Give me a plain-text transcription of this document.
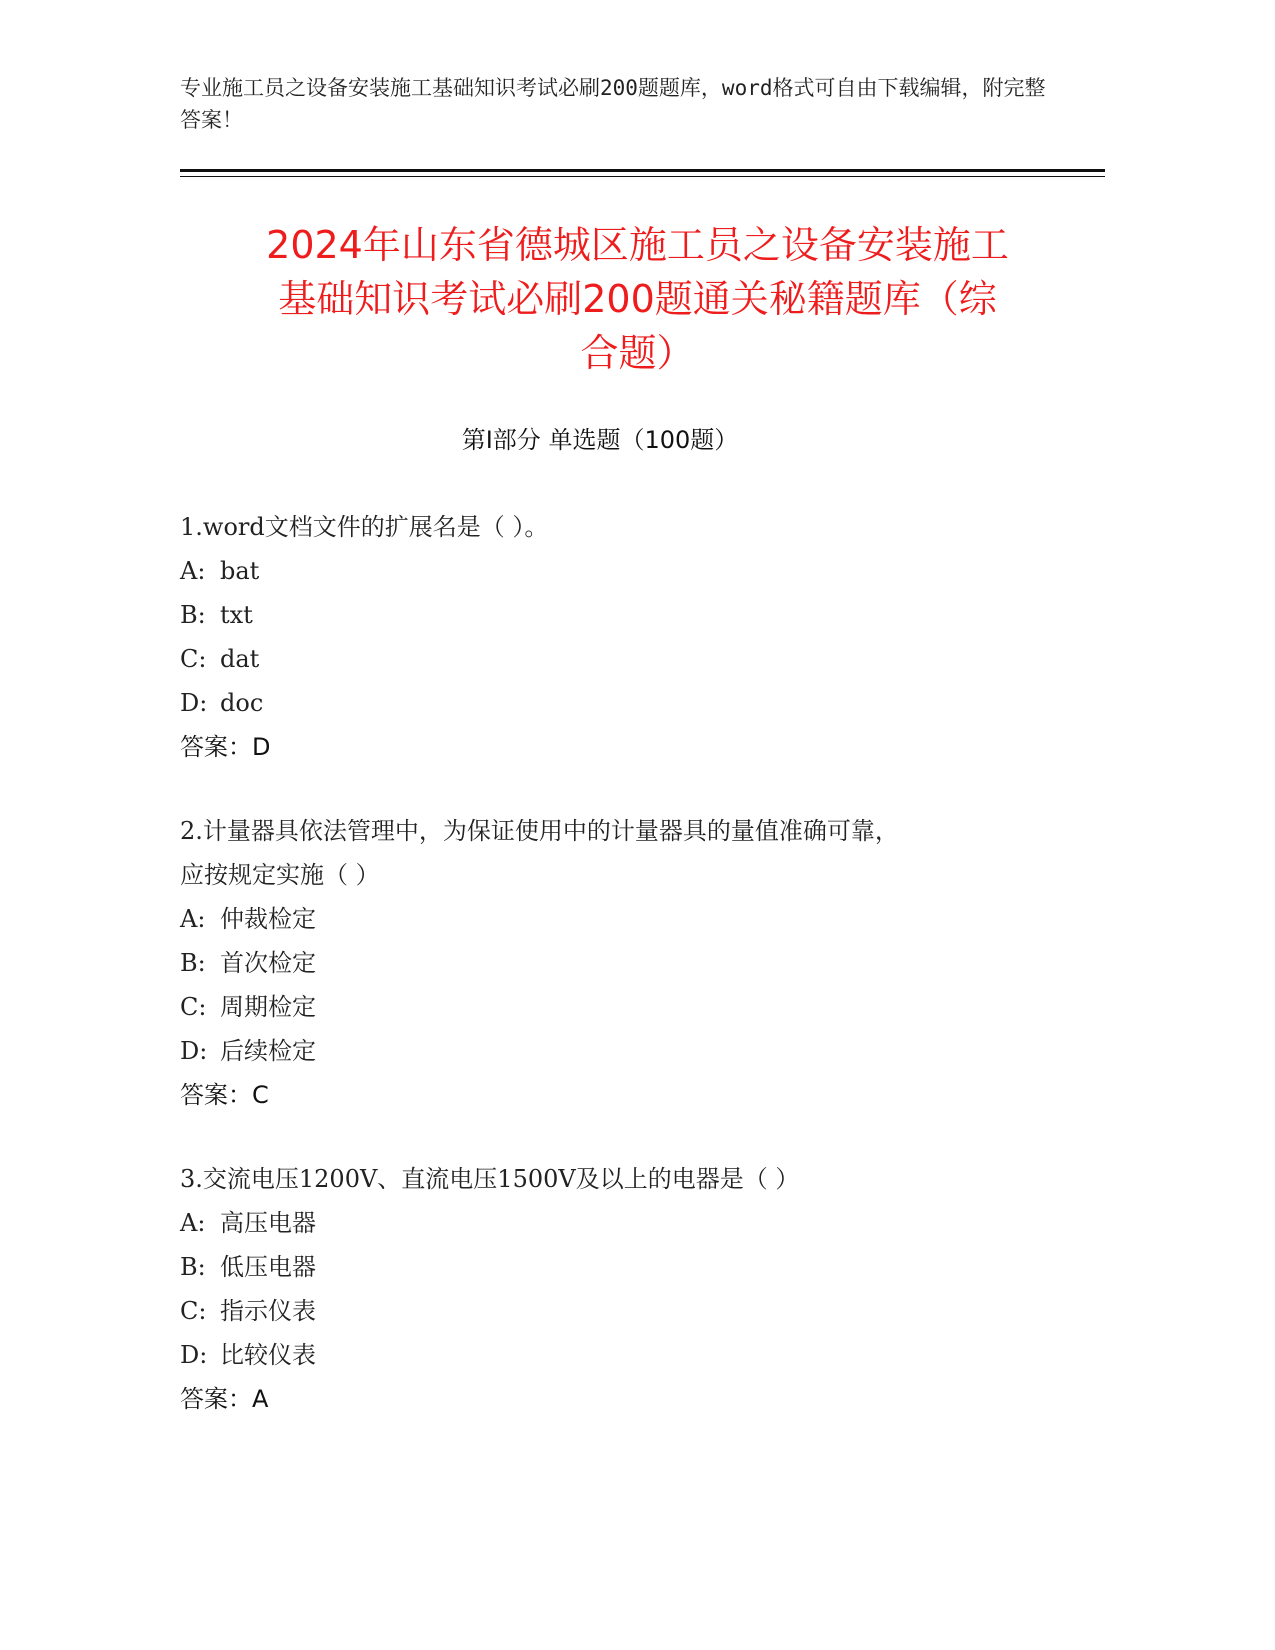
专业施工员之设备安装施工基础知识考试必刷200题题库，word格式可自由下载编辑，附完整答案！
2024年山东省德城区施工员之设备安装施工
基础知识考试必刷200题通关秘籍题库（综
合题）
第I部分 单选题（100题）
1.word文档文件的扩展名是（ ）。
A: bat
B: txt
C: dat
D: doc
答案：D
2.计量器具依法管理中，为保证使用中的计量器具的量值准确可靠，
应按规定实施（ ）
A: 仲裁检定
B: 首次检定
C: 周期检定
D: 后续检定
答案：C
3.交流电压1200V、直流电压1500V及以上的电器是（ ）
A: 高压电器
B: 低压电器
C: 指示仪表
D: 比较仪表
答案：A
